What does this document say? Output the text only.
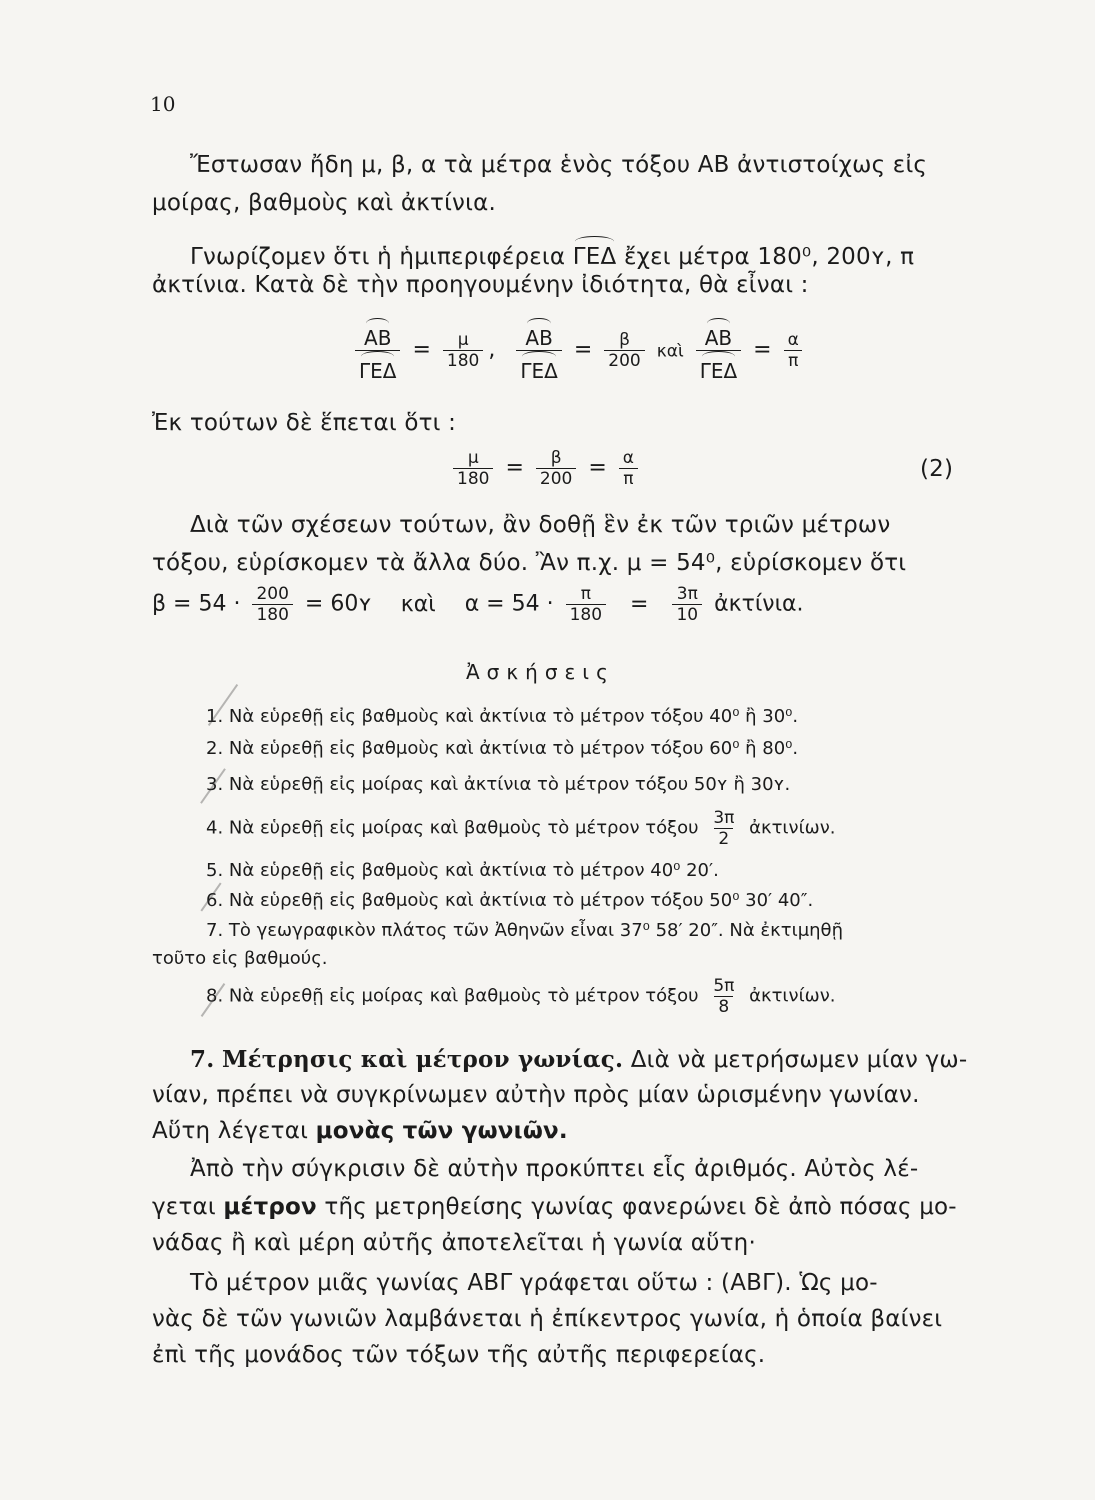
10
Ἔστωσαν ἤδη μ, β, α τὰ μέτρα ἑνὸς τόξου ΑΒ ἀντιστοίχως εἰς
μοίρας, βαθμοὺς καὶ ἀκτίνια.
Γνωρίζομεν ὅτι ἡ ἡμιπεριφέρεια ΓΕΔ ἔχει μέτρα 180⁰, 200ʏ, π
ἀκτίνια. Κατὰ δὲ τὴν προηγουμένην ἰδιότητα, θὰ εἶναι :
$\frac{AB}{\text{ΓΕΔ}} = \frac{\mu}{180}$ , $\frac{AB}{\text{ΓΕΔ}} = \frac{\beta}{200}$ καὶ $\frac{AB}{\text{ΓΕΔ}} = \frac{\alpha}{\pi}$
Ἐκ τούτων δὲ ἕπεται ὅτι :
$\frac{\mu}{180} = \frac{\beta}{200} = \frac{\alpha}{\pi}$	(2)
Διὰ τῶν σχέσεων τούτων, ἂν δοθῇ ἓν ἐκ τῶν τριῶν μέτρων
τόξου, εὑρίσκομεν τὰ ἄλλα δύο. Ἂν π.χ. μ = 54⁰, εὑρίσκομεν ὅτι
$\beta = 54 \cdot \frac{200}{180}$ = 60ʏ καὶ $\alpha = 54 \cdot \frac{\pi}{180} = \frac{3\pi}{10}$ ἀκτίνια.
Ἀσκήσεις
1. Νὰ εὑρεθῇ εἰς βαθμοὺς καὶ ἀκτίνια τὸ μέτρον τόξου 40⁰ ἢ 30⁰.
2. Νὰ εὑρεθῇ εἰς βαθμοὺς καὶ ἀκτίνια τὸ μέτρον τόξου 60⁰ ἢ 80⁰.
3. Νὰ εὑρεθῇ εἰς μοίρας καὶ ἀκτίνια τὸ μέτρον τόξου 50ʏ ἢ 30ʏ.
4. Νὰ εὑρεθῇ εἰς μοίρας καὶ βαθμοὺς τὸ μέτρον τόξου $\frac{3\pi}{2}$ ἀκτινίων.
5. Νὰ εὑρεθῇ εἰς βαθμοὺς καὶ ἀκτίνια τὸ μέτρον 40⁰ 20′.
6. Νὰ εὑρεθῇ εἰς βαθμοὺς καὶ ἀκτίνια τὸ μέτρον τόξου 50⁰ 30′ 40″.
7. Τὸ γεωγραφικὸν πλάτος τῶν Ἀθηνῶν εἶναι 37⁰ 58′ 20″. Νὰ ἐκτιμηθῇ
τοῦτο εἰς βαθμούς.
8. Νὰ εὑρεθῇ εἰς μοίρας καὶ βαθμοὺς τὸ μέτρον τόξου $\frac{5\pi}{8}$ ἀκτινίων.
7. Μέτρησις καὶ μέτρον γωνίας. Διὰ νὰ μετρήσωμεν μίαν γω-
νίαν, πρέπει νὰ συγκρίνωμεν αὐτὴν πρὸς μίαν ὡρισμένην γωνίαν.
Αὕτη λέγεται μονὰς τῶν γωνιῶν.
Ἀπὸ τὴν σύγκρισιν δὲ αὐτὴν προκύπτει εἷς ἀριθμός. Αὐτὸς λέ-
γεται μέτρον τῆς μετρηθείσης γωνίας φανερώνει δὲ ἀπὸ πόσας μο-
νάδας ἢ καὶ μέρη αὐτῆς ἀποτελεῖται ἡ γωνία αὕτη·
Τὸ μέτρον μιᾶς γωνίας ΑΒΓ γράφεται οὕτω : (ΑΒΓ). Ὡς μο-
νὰς δὲ τῶν γωνιῶν λαμβάνεται ἡ ἐπίκεντρος γωνία, ἡ ὁποία βαίνει
ἐπὶ τῆς μονάδος τῶν τόξων τῆς αὐτῆς περιφερείας.
